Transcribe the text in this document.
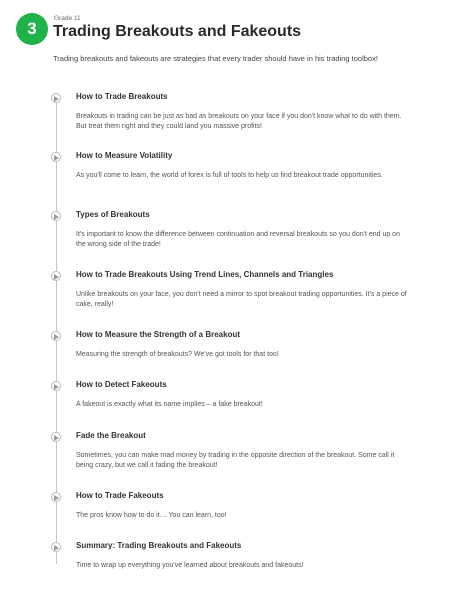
3
Grade 11
Trading Breakouts and Fakeouts
Trading breakouts and fakeouts are strategies that every trader should have in his trading toolbox!
How to Trade Breakouts
Breakouts in trading can be just as bad as breakouts on your face if you don't know what to do with them. But treat them right and they could land you massive profits!
How to Measure Volatility
As you'll come to learn, the world of forex is full of tools to help us find breakout trade opportunities.
Types of Breakouts
It's important to know the difference between continuation and reversal breakouts so you don't end up on the wrong side of the trade!
How to Trade Breakouts Using Trend Lines, Channels and Triangles
Unlike breakouts on your face, you don't need a mirror to spot breakout trading opportunities. It's a piece of cake, really!
How to Measure the Strength of a Breakout
Measuring the strength of breakouts? We've got tools for that too!
How to Detect Fakeouts
A fakeout is exactly what its name implies – a fake breakout!
Fade the Breakout
Sometimes, you can make mad money by trading in the opposite direction of the breakout. Some call it being crazy, but we call it fading the breakout!
How to Trade Fakeouts
The pros know how to do it… You can learn, too!
Summary: Trading Breakouts and Fakeouts
Time to wrap up everything you've learned about breakouts and fakeouts!
